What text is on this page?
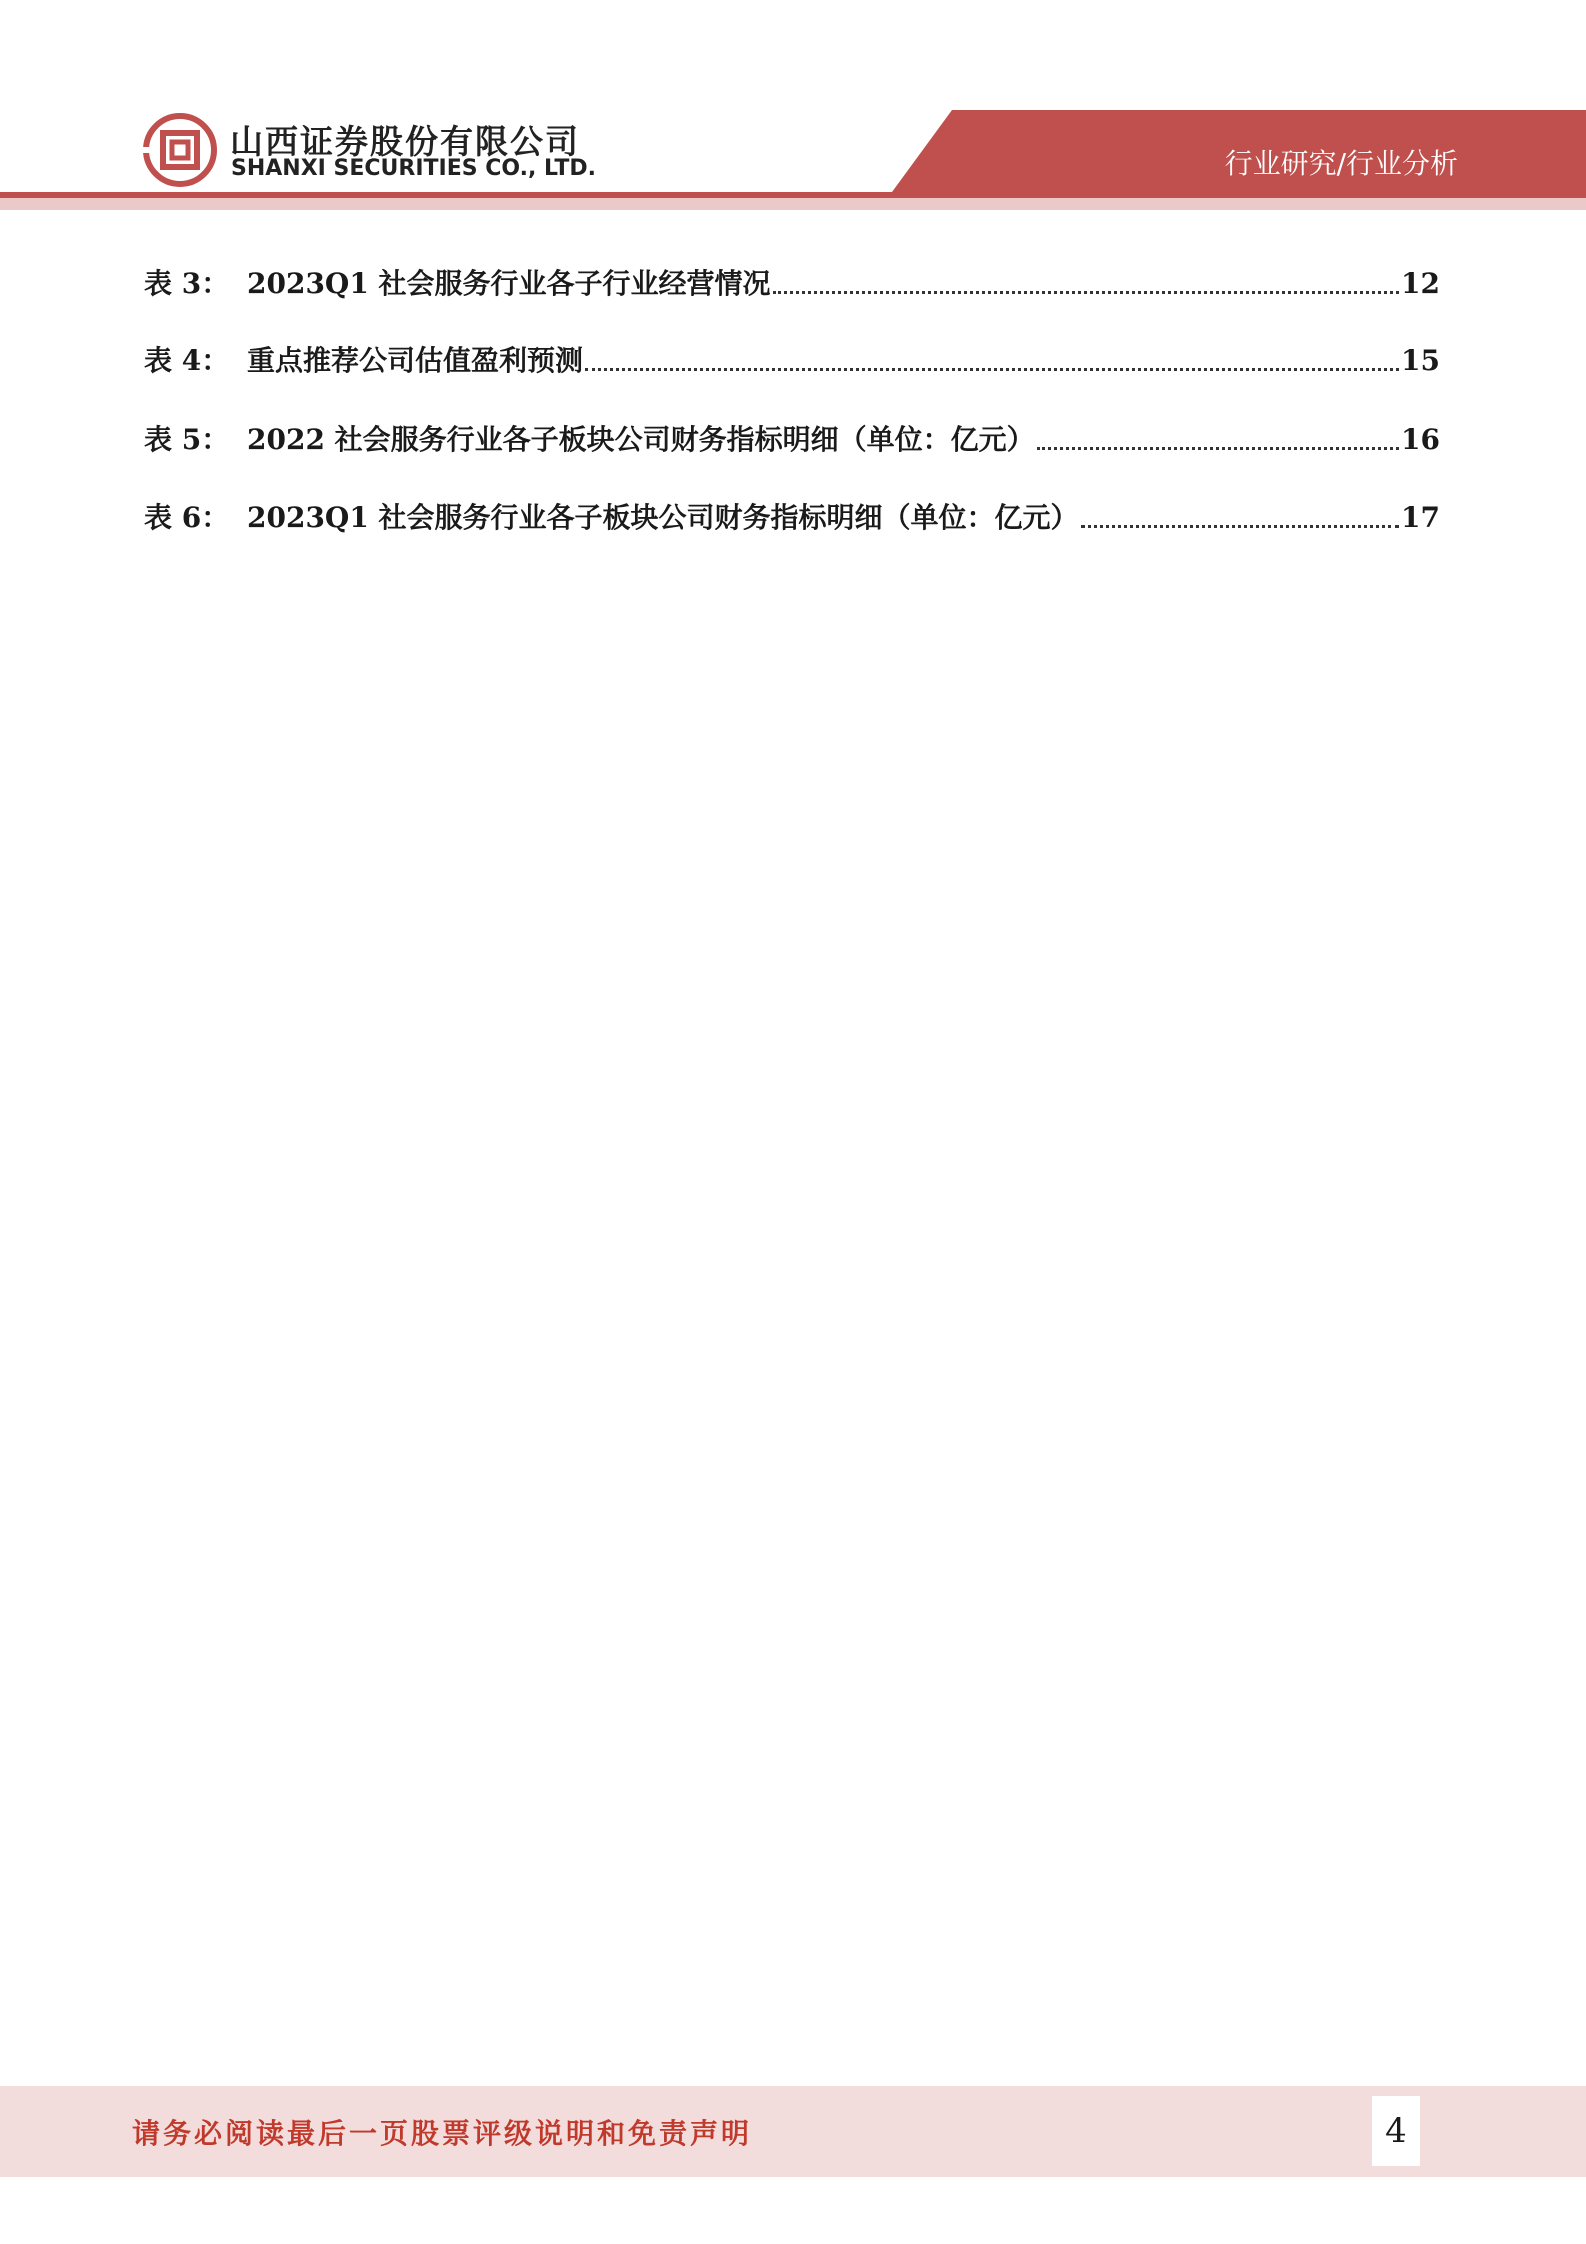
山西证券股份有限公司
SHANXI SECURITIES CO., LTD.	行业研究/行业分析
表 3： 2023Q1 社会服务行业各子行业经营情况	12
表 4： 重点推荐公司估值盈利预测	15
表 5： 2022 社会服务行业各子板块公司财务指标明细（单位：亿元）	16
表 6： 2023Q1 社会服务行业各子板块公司财务指标明细（单位：亿元）	17
请务必阅读最后一页股票评级说明和免责声明	4
